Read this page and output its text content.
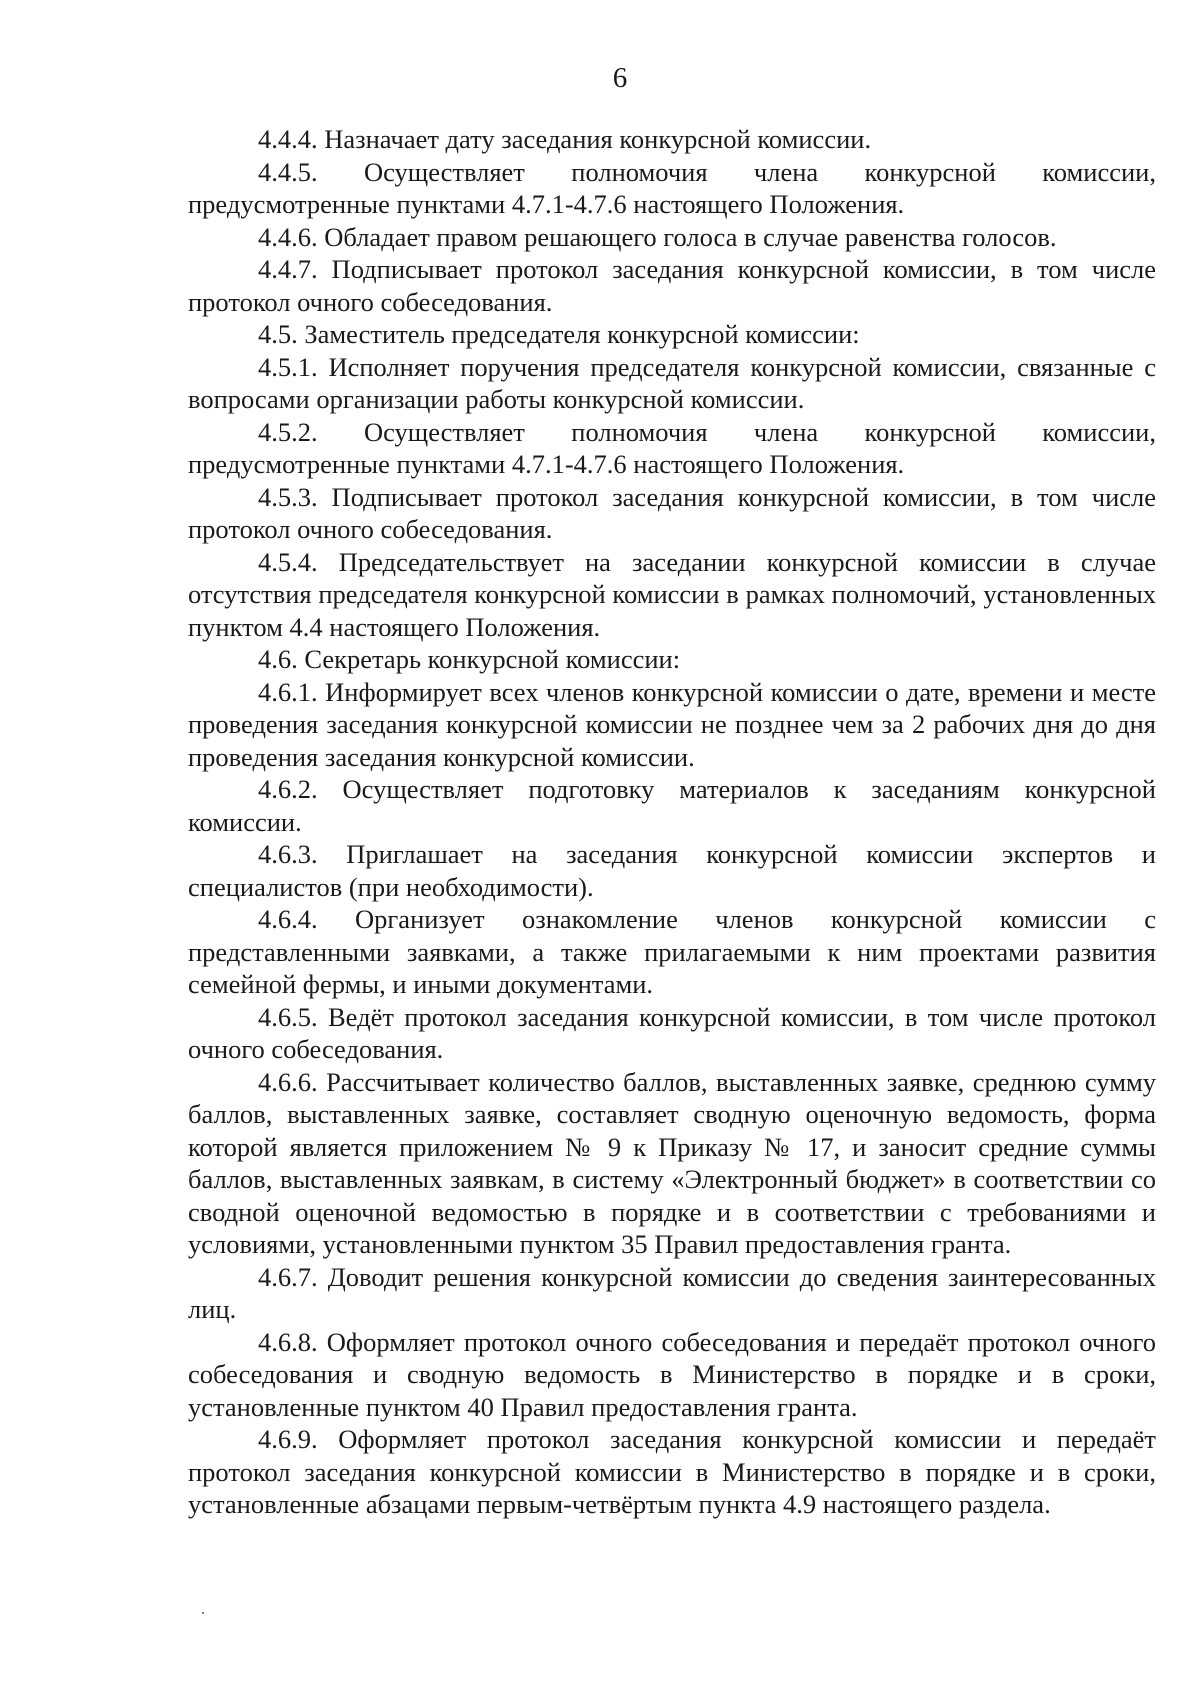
6

4.4.4. Назначает дату заседания конкурсной комиссии.

4.4.5. Осуществляет полномочия члена конкурсной комиссии, предусмотренные пунктами 4.7.1-4.7.6 настоящего Положения.

4.4.6. Обладает правом решающего голоса в случае равенства голосов.

4.4.7. Подписывает протокол заседания конкурсной комиссии, в том числе протокол очного собеседования.

4.5. Заместитель председателя конкурсной комиссии:

4.5.1. Исполняет поручения председателя конкурсной комиссии, связанные с вопросами организации работы конкурсной комиссии.

4.5.2. Осуществляет полномочия члена конкурсной комиссии, предусмотренные пунктами 4.7.1-4.7.6 настоящего Положения.

4.5.3. Подписывает протокол заседания конкурсной комиссии, в том числе протокол очного собеседования.

4.5.4. Председательствует на заседании конкурсной комиссии в случае отсутствия председателя конкурсной комиссии в рамках полномочий, установленных пунктом 4.4 настоящего Положения.

4.6. Секретарь конкурсной комиссии:

4.6.1. Информирует всех членов конкурсной комиссии о дате, времени и месте проведения заседания конкурсной комиссии не позднее чем за 2 рабочих дня до дня проведения заседания конкурсной комиссии.

4.6.2. Осуществляет подготовку материалов к заседаниям конкурсной комиссии.

4.6.3. Приглашает на заседания конкурсной комиссии экспертов и специалистов (при необходимости).

4.6.4. Организует ознакомление членов конкурсной комиссии с представленными заявками, а также прилагаемыми к ним проектами развития семейной фермы, и иными документами.

4.6.5. Ведёт протокол заседания конкурсной комиссии, в том числе протокол очного собеседования.

4.6.6. Рассчитывает количество баллов, выставленных заявке, среднюю сумму баллов, выставленных заявке, составляет сводную оценочную ведомость, форма которой является приложением № 9 к Приказу № 17, и заносит средние суммы баллов, выставленных заявкам, в систему «Электронный бюджет» в соответствии со сводной оценочной ведомостью в порядке и в соответствии с требованиями и условиями, установленными пунктом 35 Правил предоставления гранта.

4.6.7. Доводит решения конкурсной комиссии до сведения заинтересованных лиц.

4.6.8. Оформляет протокол очного собеседования и передаёт протокол очного собеседования и сводную ведомость в Министерство в порядке и в сроки, установленные пунктом 40 Правил предоставления гранта.

4.6.9. Оформляет протокол заседания конкурсной комиссии и передаёт протокол заседания конкурсной комиссии в Министерство в порядке и в сроки, установленные абзацами первым-четвёртым пункта 4.9 настоящего раздела.
